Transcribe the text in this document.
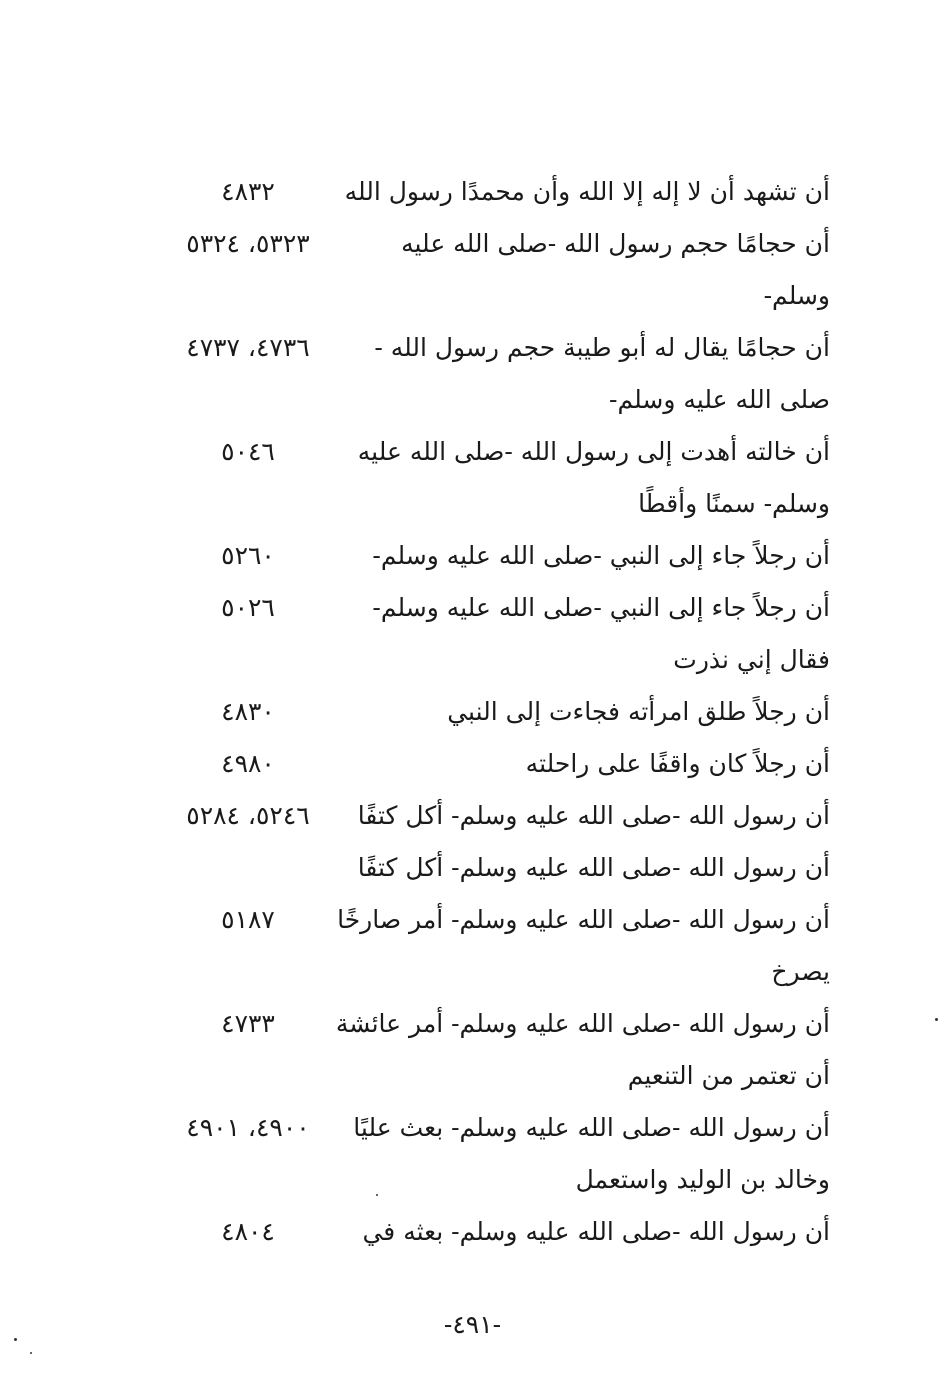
أن تشهد أن لا إله إلا الله وأن محمدًا رسول الله
٤٨٣٢
أن حجامًا حجم رسول الله -صلى الله عليه
٥٣٢٣، ٥٣٢٤
وسلم-
أن حجامًا يقال له أبو طيبة حجم رسول الله -
٤٧٣٦، ٤٧٣٧
صلى الله عليه وسلم-
أن خالته أهدت إلى رسول الله -صلى الله عليه
٥٠٤٦
وسلم- سمنًا وأقطًا
أن رجلاً جاء إلى النبي -صلى الله عليه وسلم-
٥٢٦٠
أن رجلاً جاء إلى النبي -صلى الله عليه وسلم-
٥٠٢٦
فقال إني نذرت
أن رجلاً طلق امرأته فجاءت إلى النبي
٤٨٣٠
أن رجلاً كان واقفًا على راحلته
٤٩٨٠
أن رسول الله -صلى الله عليه وسلم- أكل كتفًا
٥٢٤٦، ٥٢٨٤
أن رسول الله -صلى الله عليه وسلم- أكل كتفًا
أن رسول الله -صلى الله عليه وسلم- أمر صارخًا
٥١٨٧
يصرخ
أن رسول الله -صلى الله عليه وسلم- أمر عائشة
٤٧٣٣
أن تعتمر من التنعيم
أن رسول الله -صلى الله عليه وسلم- بعث عليًا
٤٩٠٠، ٤٩٠١
وخالد بن الوليد واستعمل
أن رسول الله -صلى الله عليه وسلم- بعثه في
٤٨٠٤
-٤٩١-
